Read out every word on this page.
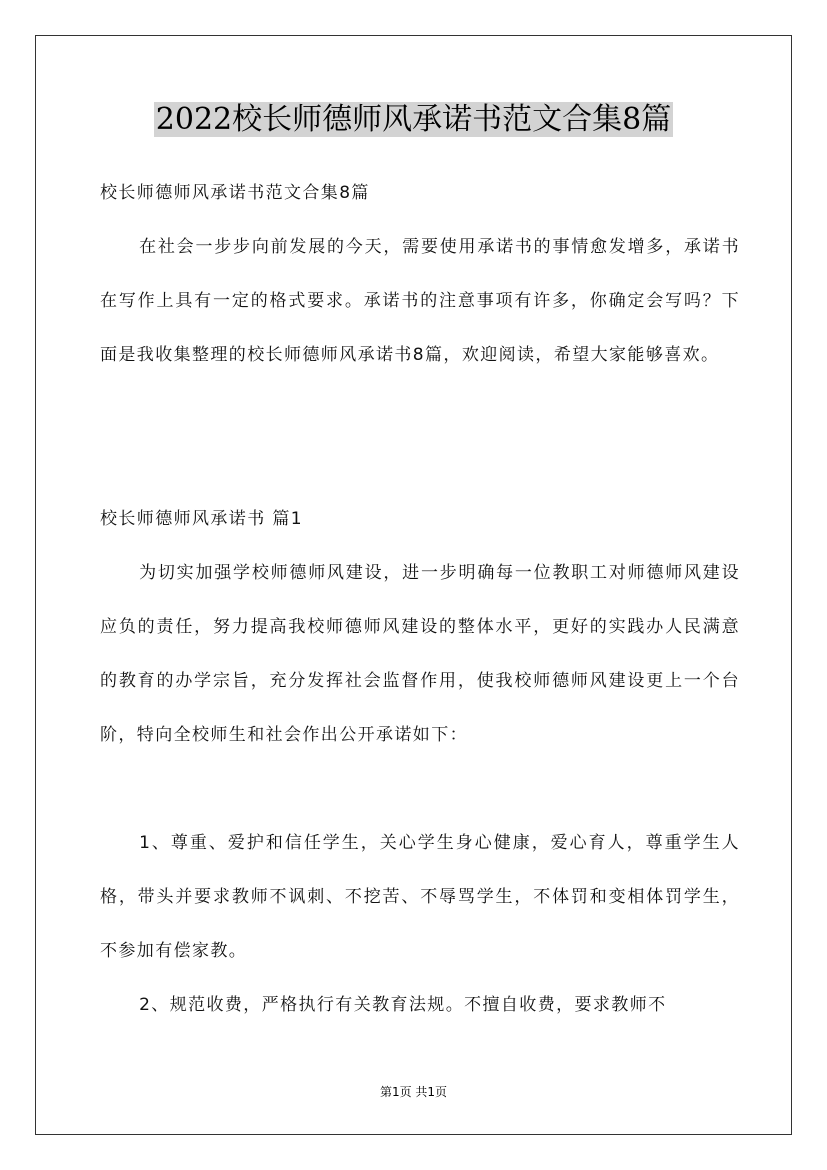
2022校长师德师风承诺书范文合集8篇

校长师德师风承诺书范文合集8篇

在社会一步步向前发展的今天，需要使用承诺书的事情愈发增多，承诺书在写作上具有一定的格式要求。承诺书的注意事项有许多，你确定会写吗？下面是我收集整理的校长师德师风承诺书8篇，欢迎阅读，希望大家能够喜欢。

校长师德师风承诺书 篇1

为切实加强学校师德师风建设，进一步明确每一位教职工对师德师风建设应负的责任，努力提高我校师德师风建设的整体水平，更好的实践办人民满意的教育的办学宗旨，充分发挥社会监督作用，使我校师德师风建设更上一个台阶，特向全校师生和社会作出公开承诺如下：

1、尊重、爱护和信任学生，关心学生身心健康，爱心育人，尊重学生人格，带头并要求教师不讽刺、不挖苦、不辱骂学生，不体罚和变相体罚学生，不参加有偿家教。

2、规范收费，严格执行有关教育法规。不擅自收费，要求教师不

第1页 共1页
